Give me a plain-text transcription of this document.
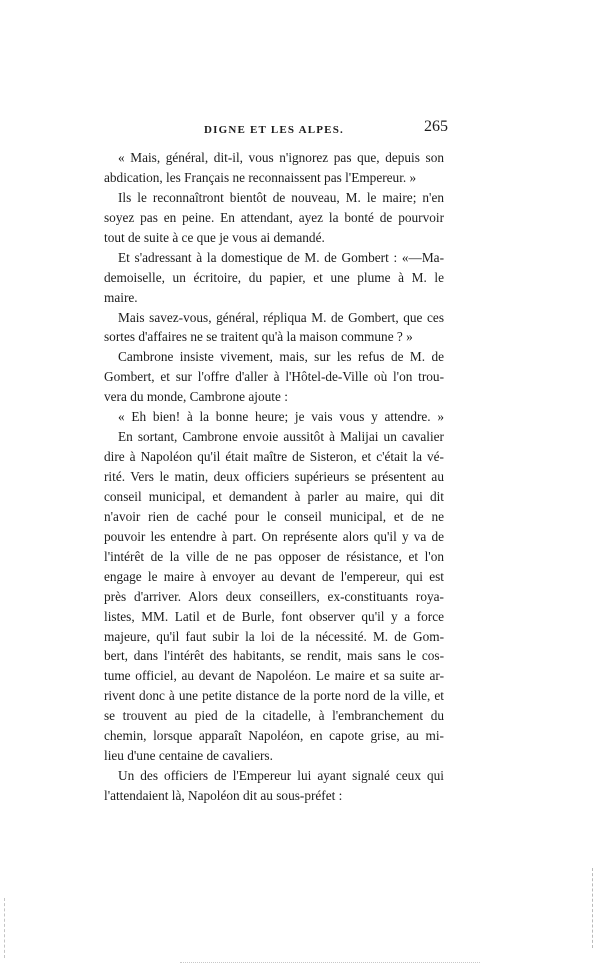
DIGNE ET LES ALPES.	265
« Mais, général, dit-il, vous n'ignorez pas que, depuis son
abdication, les Français ne reconnaissent pas l'Empereur. »
Ils le reconnaîtront bientôt de nouveau, M. le maire; n'en
soyez pas en peine. En attendant, ayez la bonté de pourvoir
tout de suite à ce que je vous ai demandé.
Et s'adressant à la domestique de M. de Gombert : «—Ma-
demoiselle, un écritoire, du papier, et une plume à M. le
maire.
Mais savez-vous, général, répliqua M. de Gombert, que ces
sortes d'affaires ne se traitent qu'à la maison commune ? »
Cambrone insiste vivement, mais, sur les refus de M. de
Gombert, et sur l'offre d'aller à l'Hôtel-de-Ville où l'on trou-
vera du monde, Cambrone ajoute :
« Eh bien! à la bonne heure; je vais vous y attendre. »
En sortant, Cambrone envoie aussitôt à Malijai un cavalier
dire à Napoléon qu'il était maître de Sisteron, et c'était la vé-
rité. Vers le matin, deux officiers supérieurs se présentent au
conseil municipal, et demandent à parler au maire, qui dit
n'avoir rien de caché pour le conseil municipal, et de ne
pouvoir les entendre à part. On représente alors qu'il y va de
l'intérêt de la ville de ne pas opposer de résistance, et l'on
engage le maire à envoyer au devant de l'empereur, qui est
près d'arriver. Alors deux conseillers, ex-constituants roya-
listes, MM. Latil et de Burle, font observer qu'il y a force
majeure, qu'il faut subir la loi de la nécessité. M. de Gom-
bert, dans l'intérêt des habitants, se rendit, mais sans le cos-
tume officiel, au devant de Napoléon. Le maire et sa suite ar-
rivent donc à une petite distance de la porte nord de la ville, et
se trouvent au pied de la citadelle, à l'embranchement du
chemin, lorsque apparaît Napoléon, en capote grise, au mi-
lieu d'une centaine de cavaliers.
Un des officiers de l'Empereur lui ayant signalé ceux qui
l'attendaient là, Napoléon dit au sous-préfet :
